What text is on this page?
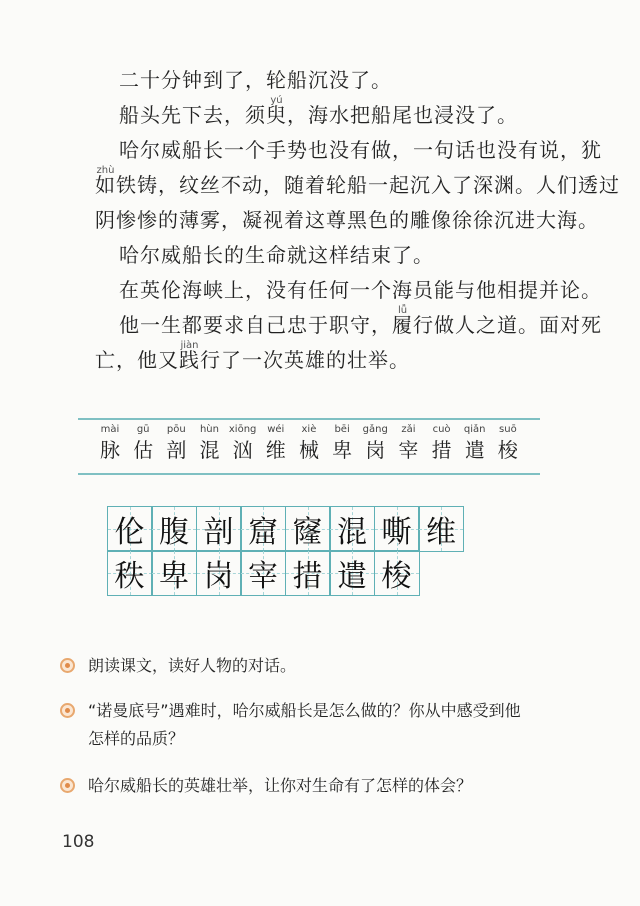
二十分钟到了，轮船沉没了。
船头先下去，须
yú
臾，海水把船尾也浸没了。
哈尔威船长一个手势也没有做，一句话也没有说，犹
zhù
如铁铸，纹丝不动，随着轮船一起沉入了深渊。人们透过
阴惨惨的薄雾，凝视着这尊黑色的雕像徐徐沉进大海。
哈尔威船长的生命就这样结束了。
在英伦海峡上，没有任何一个海员能与他相提并论。
他一生都要求自己忠于职守，
lǚ
履行做人之道。面对死
亡，他又
jiàn
践行了一次英雄的壮举。
mài
脉
gū
估
pōu
剖
hùn
混
xiōng
汹
wéi
维
xiè
械
bēi
卑
gǎng
岗
zǎi
宰
cuò
措
qiǎn
遣
suō
梭
伦 腹 剖 窟 窿 混 嘶 维
秩 卑 岗 宰 措 遣 梭
朗读课文，读好人物的对话。
“诺曼底号”遇难时，哈尔威船长是怎么做的？你从中感受到他
怎样的品质？
哈尔威船长的英雄壮举，让你对生命有了怎样的体会？
108
